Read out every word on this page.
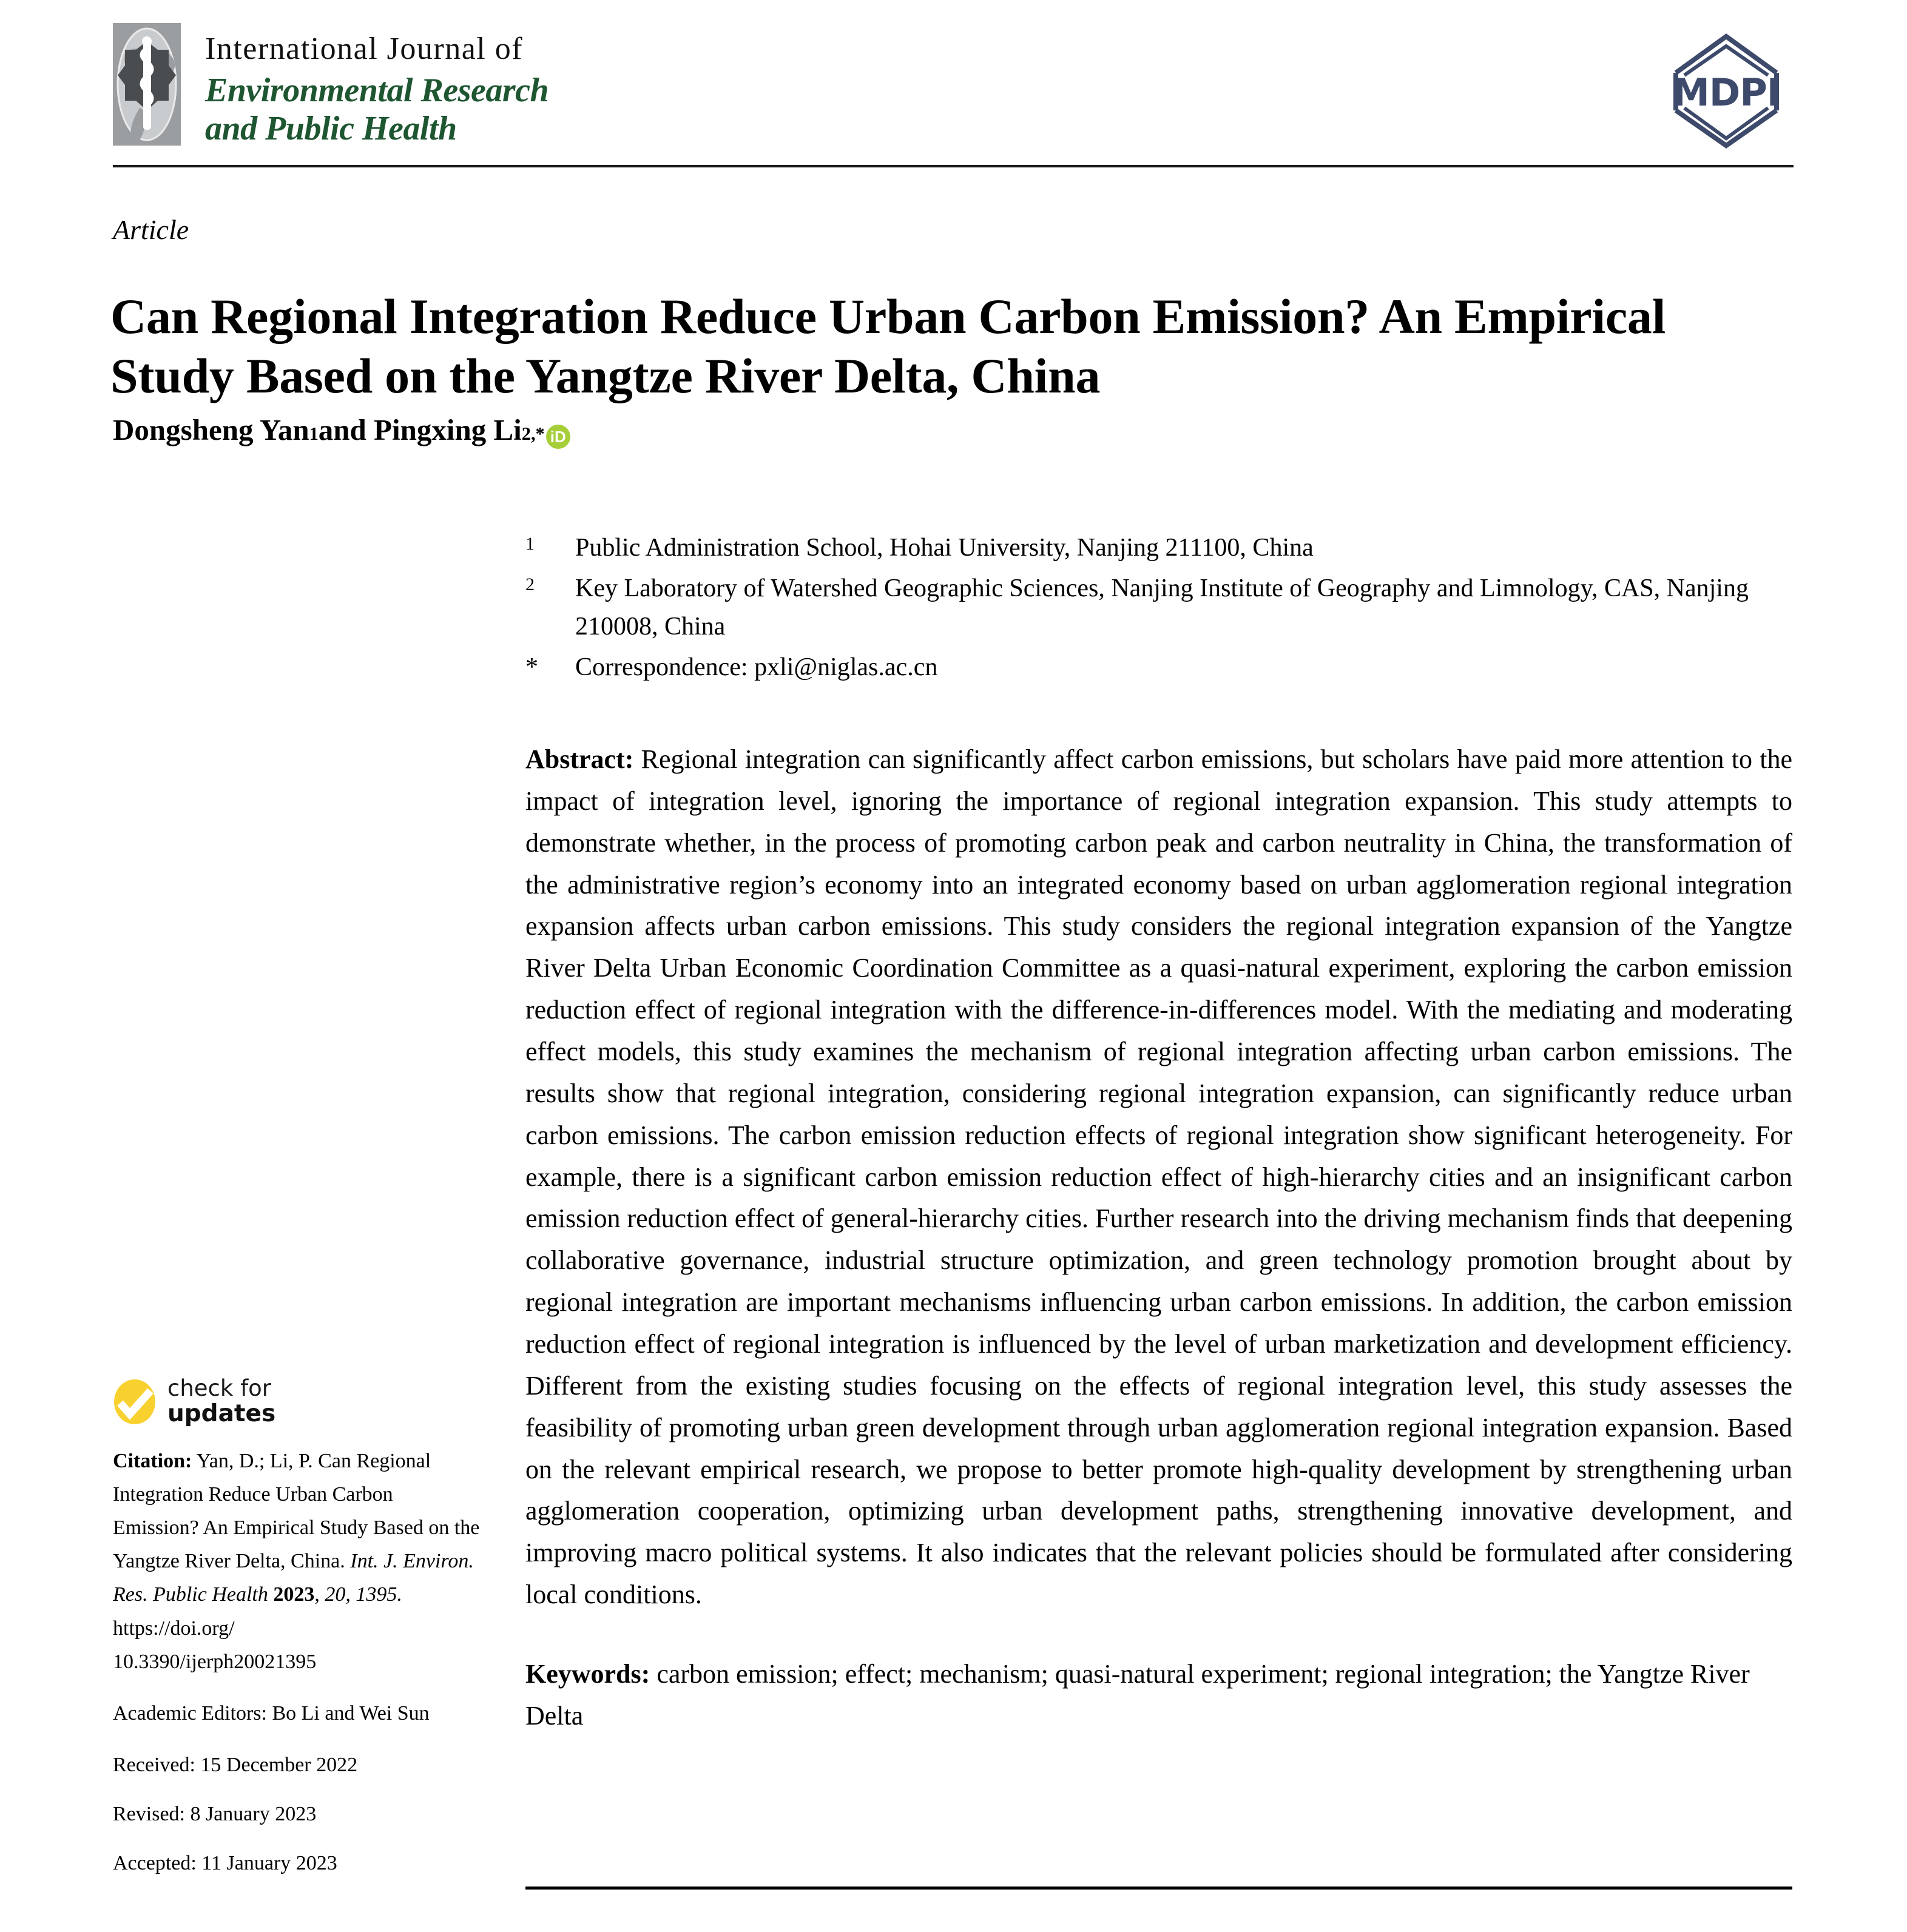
International Journal of
Environmental Research
and Public Health
MDPI
Article
Can Regional Integration Reduce Urban Carbon Emission? An Empirical Study Based on the Yangtze River Delta, China
Dongsheng Yan 1 and Pingxing Li 2,* iD
1	Public Administration School, Hohai University, Nanjing 211100, China
2	Key Laboratory of Watershed Geographic Sciences, Nanjing Institute of Geography and Limnology, CAS, Nanjing 210008, China
*	Correspondence: pxli@niglas.ac.cn

Abstract: Regional integration can significantly affect carbon emissions, but scholars have paid more attention to the impact of integration level, ignoring the importance of regional integration expansion. This study attempts to demonstrate whether, in the process of promoting carbon peak and carbon neutrality in China, the transformation of the administrative region’s economy into an integrated economy based on urban agglomeration regional integration expansion affects urban carbon emissions. This study considers the regional integration expansion of the Yangtze River Delta Urban Economic Coordination Committee as a quasi-natural experiment, exploring the carbon emission reduction effect of regional integration with the difference-in-differences model. With the mediating and moderating effect models, this study examines the mechanism of regional integration affecting urban carbon emissions. The results show that regional integration, considering regional integration expansion, can significantly reduce urban carbon emissions. The carbon emission reduction effects of regional integration show significant heterogeneity. For example, there is a significant carbon emission reduction effect of high-hierarchy cities and an insignificant carbon emission reduction effect of general-hierarchy cities. Further research into the driving mechanism finds that deepening collaborative governance, industrial structure optimization, and green technology promotion brought about by regional integration are important mechanisms influencing urban carbon emissions. In addition, the carbon emission reduction effect of regional integration is influenced by the level of urban marketization and development efficiency. Different from the existing studies focusing on the effects of regional integration level, this study assesses the feasibility of promoting urban green development through urban agglomeration regional integration expansion. Based on the relevant empirical research, we propose to better promote high-quality development by strengthening urban agglomeration cooperation, optimizing urban development paths, strengthening innovative development, and improving macro political systems. It also indicates that the relevant policies should be formulated after considering local conditions.

Keywords: carbon emission; effect; mechanism; quasi-natural experiment; regional integration; the Yangtze River Delta

check for
updates
Citation: Yan, D.; Li, P. Can Regional Integration Reduce Urban Carbon Emission? An Empirical Study Based on the Yangtze River Delta, China. Int. J. Environ. Res. Public Health 2023, 20, 1395. https://doi.org/
10.3390/ijerph20021395
Academic Editors: Bo Li and Wei Sun
Received: 15 December 2022
Revised: 8 January 2023
Accepted: 11 January 2023
